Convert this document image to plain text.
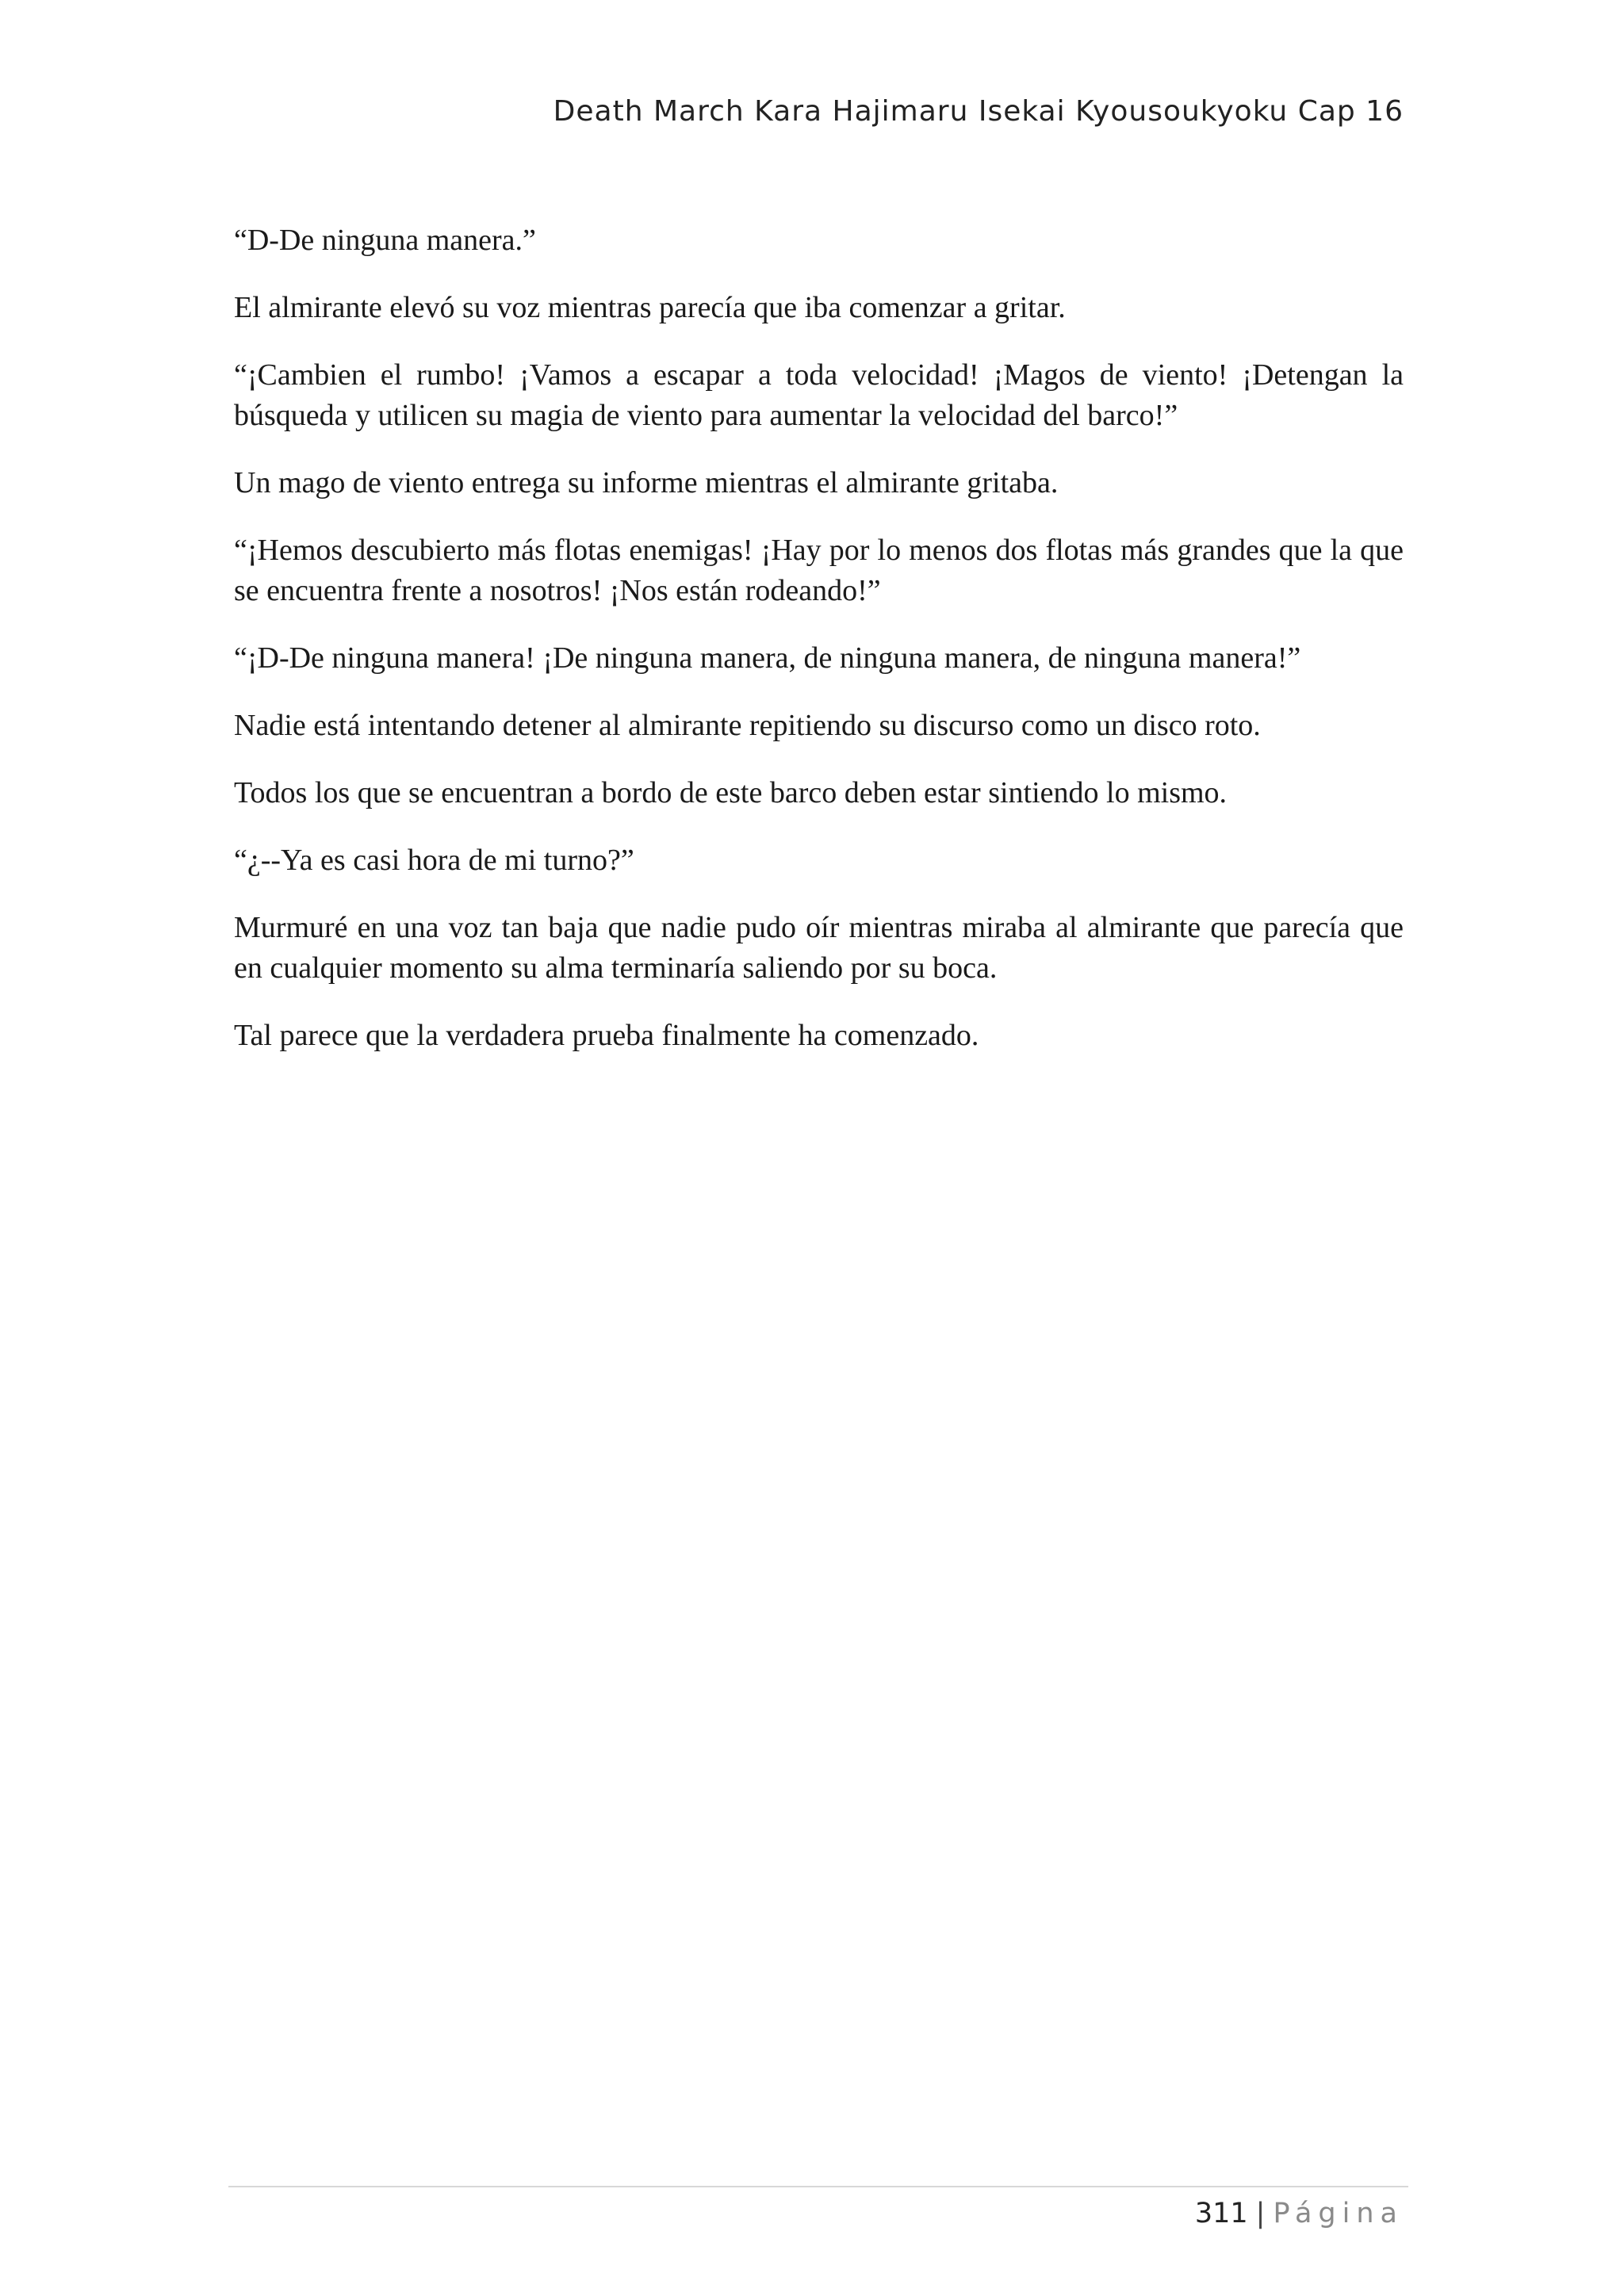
Death March Kara Hajimaru Isekai Kyousoukyoku Cap 16

“D-De ninguna manera.”

El almirante elevó su voz mientras parecía que iba comenzar a gritar.

“¡Cambien el rumbo! ¡Vamos a escapar a toda velocidad! ¡Magos de viento! ¡Detengan la búsqueda y utilicen su magia de viento para aumentar la velocidad del barco!”

Un mago de viento entrega su informe mientras el almirante gritaba.

“¡Hemos descubierto más flotas enemigas! ¡Hay por lo menos dos flotas más grandes que la que se encuentra frente a nosotros! ¡Nos están rodeando!”

“¡D-De ninguna manera! ¡De ninguna manera, de ninguna manera, de ninguna manera!”

Nadie está intentando detener al almirante repitiendo su discurso como un disco roto.

Todos los que se encuentran a bordo de este barco deben estar sintiendo lo mismo.

“¿--Ya es casi hora de mi turno?”

Murmuré en una voz tan baja que nadie pudo oír mientras miraba al almirante que parecía que en cualquier momento su alma terminaría saliendo por su boca.

Tal parece que la verdadera prueba finalmente ha comenzado.

311 | Página
